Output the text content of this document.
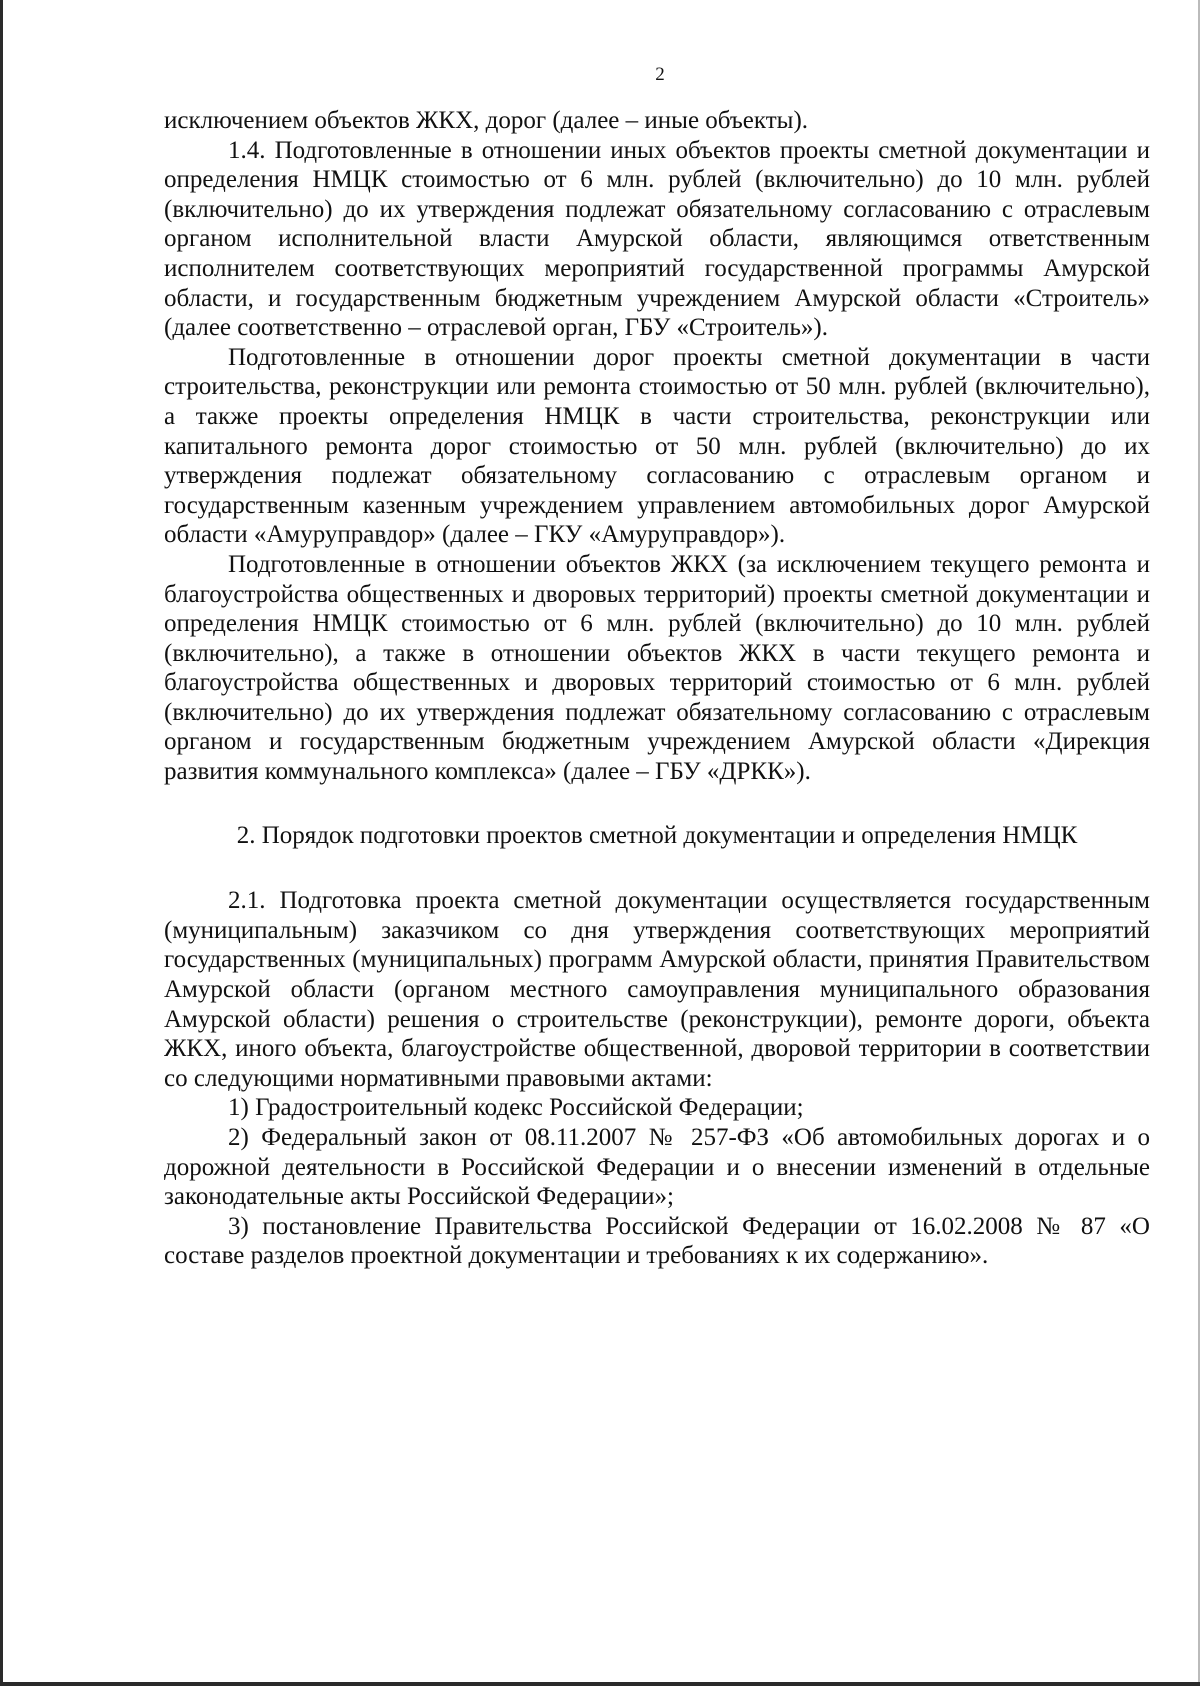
2

исключением объектов ЖКХ, дорог (далее – иные объекты).

1.4. Подготовленные в отношении иных объектов проекты сметной документации и определения НМЦК стоимостью от 6 млн. рублей (включительно) до 10 млн. рублей (включительно) до их утверждения подлежат обязательному согласованию с отраслевым органом исполнительной власти Амурской области, являющимся ответственным исполнителем соответствующих мероприятий государственной программы Амурской области, и государственным бюджетным учреждением Амурской области «Строитель» (далее соответственно – отраслевой орган, ГБУ «Строитель»).

Подготовленные в отношении дорог проекты сметной документации в части строительства, реконструкции или ремонта стоимостью от 50 млн. рублей (включительно), а также проекты определения НМЦК в части строительства, реконструкции или капитального ремонта дорог стоимостью от 50 млн. рублей (включительно) до их утверждения подлежат обязательному согласованию с отраслевым органом и государственным казенным учреждением управлением автомобильных дорог Амурской области «Амуруправдор» (далее – ГКУ «Амуруправдор»).

Подготовленные в отношении объектов ЖКХ (за исключением текущего ремонта и благоустройства общественных и дворовых территорий) проекты сметной документации и определения НМЦК стоимостью от 6 млн. рублей (включительно) до 10 млн. рублей (включительно), а также в отношении объектов ЖКХ в части текущего ремонта и благоустройства общественных и дворовых территорий стоимостью от 6 млн. рублей (включительно) до их утверждения подлежат обязательному согласованию с отраслевым органом и государственным бюджетным учреждением Амурской области «Дирекция развития коммунального комплекса» (далее – ГБУ «ДРКК»).

2. Порядок подготовки проектов сметной документации и определения НМЦК

2.1. Подготовка проекта сметной документации осуществляется государственным (муниципальным) заказчиком со дня утверждения соответствующих мероприятий государственных (муниципальных) программ Амурской области, принятия Правительством Амурской области (органом местного самоуправления муниципального образования Амурской области) решения о строительстве (реконструкции), ремонте дороги, объекта ЖКХ, иного объекта, благоустройстве общественной, дворовой территории в соответствии со следующими нормативными правовыми актами:

1) Градостроительный кодекс Российской Федерации;

2) Федеральный закон от 08.11.2007 № 257-ФЗ «Об автомобильных дорогах и о дорожной деятельности в Российской Федерации и о внесении изменений в отдельные законодательные акты Российской Федерации»;

3) постановление Правительства Российской Федерации от 16.02.2008 № 87 «О составе разделов проектной документации и требованиях к их содержанию».
